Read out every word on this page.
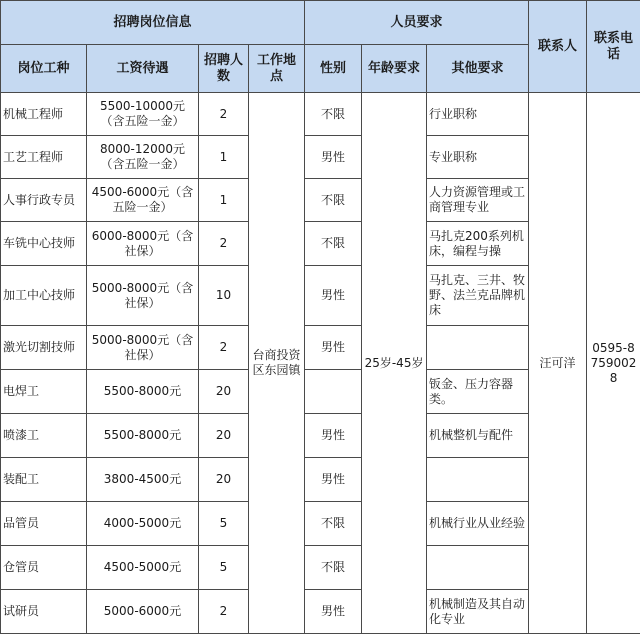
招聘岗位信息				人员要求			联系人	联系电话
岗位工种	工资待遇	招聘人数	工作地点	性别	年龄要求	其他要求		
机械工程师	5500-10000元（含五险一金）	2	台商投资区东园镇	不限	25岁-45岁	行业职称	汪可洋	0595-87590028
工艺工程师	8000-12000元（含五险一金）	1		男性		专业职称		
人事行政专员	4500-6000元（含五险一金）	1		不限		人力资源管理或工商管理专业		
车铣中心技师	6000-8000元（含社保）	2		不限		马扎克200系列机床，编程与操		
加工中心技师	5000-8000元（含社保）	10		男性		马扎克、三井、牧野、法兰克品牌机床		
激光切割技师	5000-8000元（含社保）	2		男性				
电焊工	5500-8000元	20				钣金、压力容器类。		
喷漆工	5500-8000元	20		男性		机械整机与配件		
装配工	3800-4500元	20		男性				
品管员	4000-5000元	5		不限		机械行业从业经验		
仓管员	4500-5000元	5		不限				
试研员	5000-6000元	2		男性		机械制造及其自动化专业		
